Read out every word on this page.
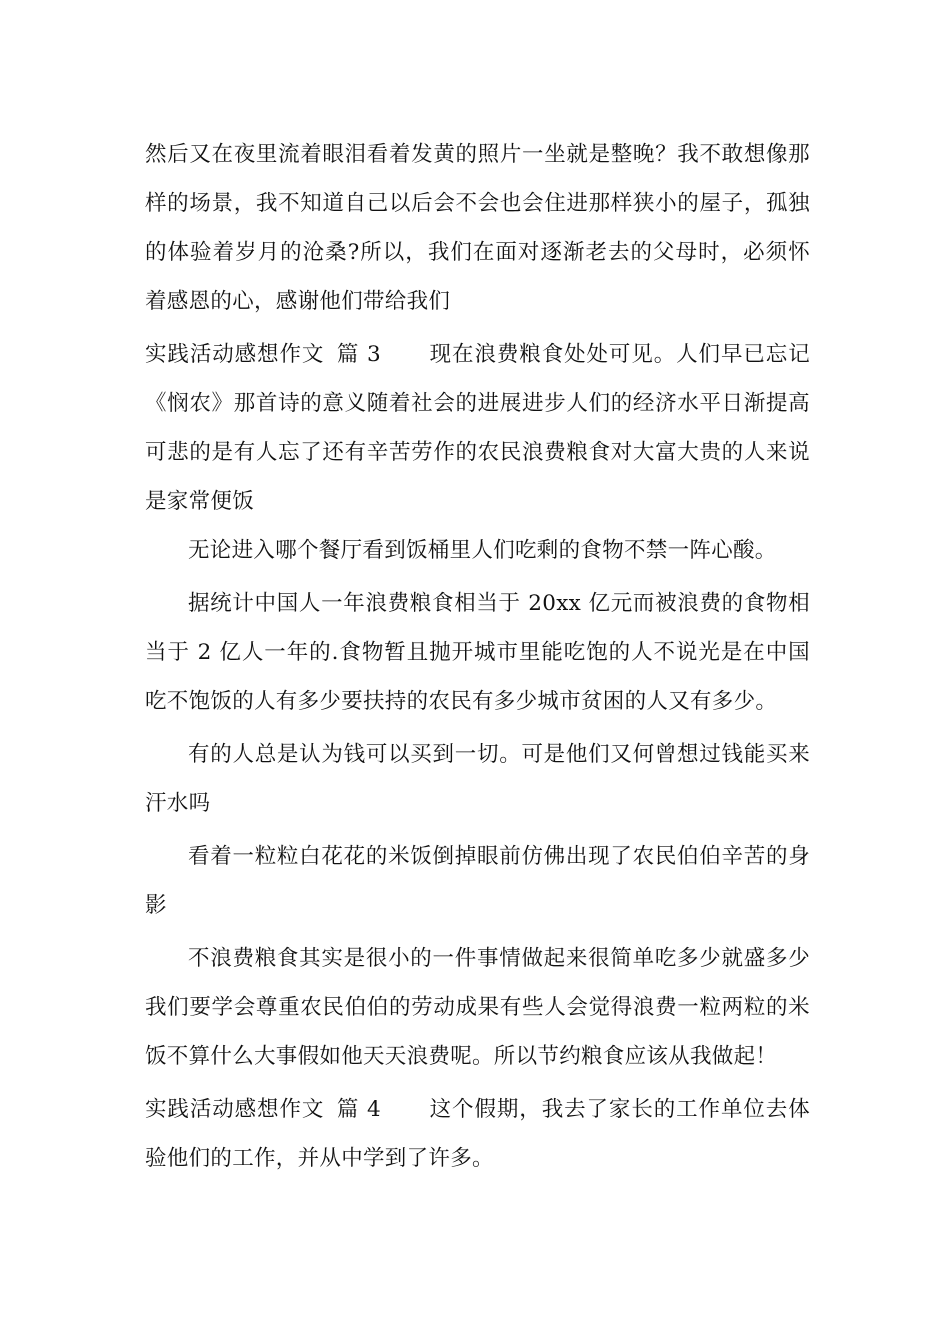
然后又在夜里流着眼泪看着发黄的照片一坐就是整晚？我不敢想像那样的场景，我不知道自己以后会不会也会住进那样狭小的屋子，孤独的体验着岁月的沧桑?所以，我们在面对逐渐老去的父母时，必须怀着感恩的心，感谢他们带给我们

实践活动感想作文 篇 3 现在浪费粮食处处可见。人们早已忘记《悯农》那首诗的意义随着社会的进展进步人们的经济水平日渐提高可悲的是有人忘了还有辛苦劳作的农民浪费粮食对大富大贵的人来说是家常便饭

无论进入哪个餐厅看到饭桶里人们吃剩的食物不禁一阵心酸。

据统计中国人一年浪费粮食相当于 20xx 亿元而被浪费的食物相当于 2 亿人一年的.食物暂且抛开城市里能吃饱的人不说光是在中国吃不饱饭的人有多少要扶持的农民有多少城市贫困的人又有多少。

有的人总是认为钱可以买到一切。可是他们又何曾想过钱能买来汗水吗

看着一粒粒白花花的米饭倒掉眼前仿佛出现了农民伯伯辛苦的身影

不浪费粮食其实是很小的一件事情做起来很简单吃多少就盛多少我们要学会尊重农民伯伯的劳动成果有些人会觉得浪费一粒两粒的米饭不算什么大事假如他天天浪费呢。所以节约粮食应该从我做起！

实践活动感想作文 篇 4 这个假期，我去了家长的工作单位去体验他们的工作，并从中学到了许多。
